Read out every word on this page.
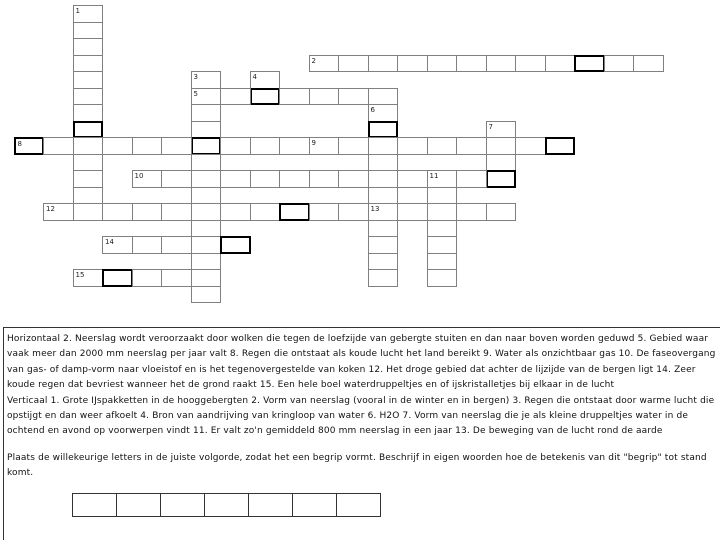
1
3
5
4
6
13
7
11
2
8	9
10
12
14
15

Horizontaal 2. Neerslag wordt veroorzaakt door wolken die tegen de loefzijde van gebergte stuiten en dan naar boven worden geduwd 5. Gebied waar vaak meer dan 2000 mm neerslag per jaar valt 8. Regen die ontstaat als koude lucht het land bereikt 9. Water als onzichtbaar gas 10. De faseovergang van gas- of damp-vorm naar vloeistof en is het tegenovergestelde van koken 12. Het droge gebied dat achter de lijzijde van de bergen ligt 14. Zeer koude regen dat bevriest wanneer het de grond raakt 15. Een hele boel waterdruppeltjes en of ijskristalletjes bij elkaar in de lucht

Verticaal 1. Grote IJspakketten in de hooggebergten 2. Vorm van neerslag (vooral in de winter en in bergen) 3. Regen die ontstaat door warme lucht die opstijgt en dan weer afkoelt 4. Bron van aandrijving van kringloop van water 6. H2O 7. Vorm van neerslag die je als kleine druppeltjes water in de ochtend en avond op voorwerpen vindt 11. Er valt zo'n gemiddeld 800 mm neerslag in een jaar 13. De beweging van de lucht rond de aarde

Plaats de willekeurige letters in de juiste volgorde, zodat het een begrip vormt. Beschrijf in eigen woorden hoe de betekenis van dit "begrip" tot stand komt.
